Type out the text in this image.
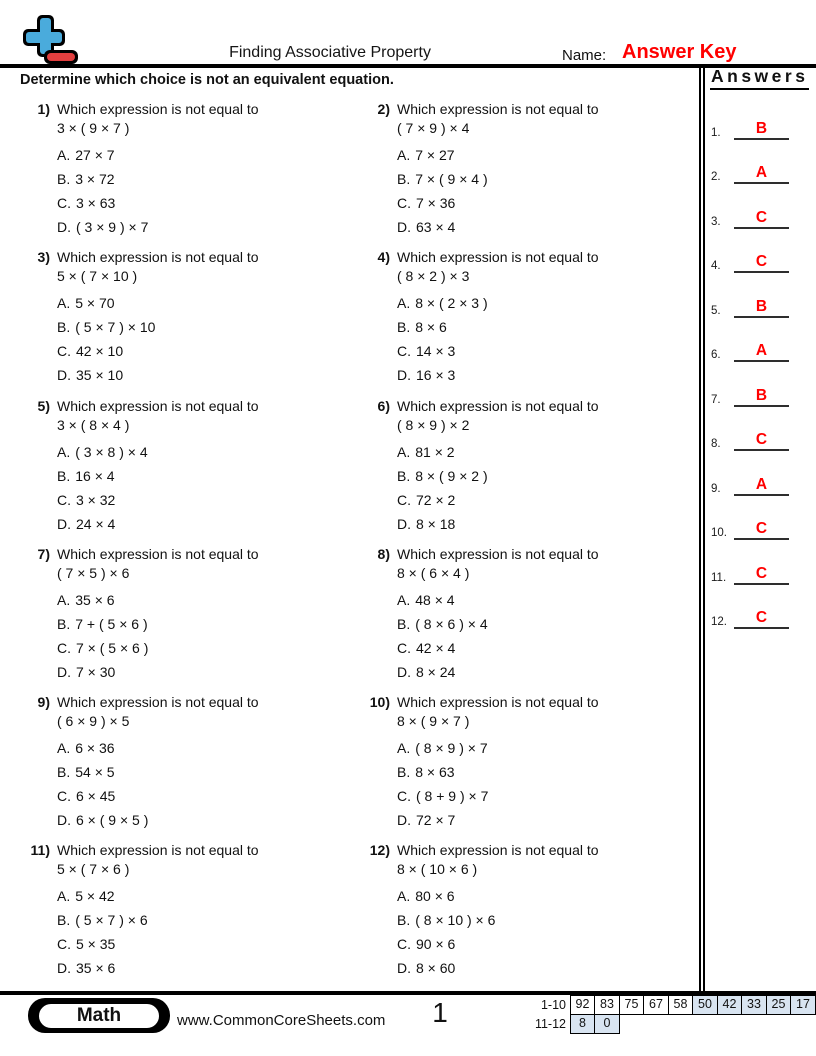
Finding Associative Property	Name: Answer Key
Determine which choice is not an equivalent equation.
1) Which expression is not equal to
3 × ( 9 × 7 )
A. 27 × 7
B. 3 × 72
C. 3 × 63
D. ( 3 × 9 ) × 7
2) Which expression is not equal to
( 7 × 9 ) × 4
A. 7 × 27
B. 7 × ( 9 × 4 )
C. 7 × 36
D. 63 × 4
3) Which expression is not equal to
5 × ( 7 × 10 )
A. 5 × 70
B. ( 5 × 7 ) × 10
C. 42 × 10
D. 35 × 10
4) Which expression is not equal to
( 8 × 2 ) × 3
A. 8 × ( 2 × 3 )
B. 8 × 6
C. 14 × 3
D. 16 × 3
5) Which expression is not equal to
3 × ( 8 × 4 )
A. ( 3 × 8 ) × 4
B. 16 × 4
C. 3 × 32
D. 24 × 4
6) Which expression is not equal to
( 8 × 9 ) × 2
A. 81 × 2
B. 8 × ( 9 × 2 )
C. 72 × 2
D. 8 × 18
7) Which expression is not equal to
( 7 × 5 ) × 6
A. 35 × 6
B. 7 + ( 5 × 6 )
C. 7 × ( 5 × 6 )
D. 7 × 30
8) Which expression is not equal to
8 × ( 6 × 4 )
A. 48 × 4
B. ( 8 × 6 ) × 4
C. 42 × 4
D. 8 × 24
9) Which expression is not equal to
( 6 × 9 ) × 5
A. 6 × 36
B. 54 × 5
C. 6 × 45
D. 6 × ( 9 × 5 )
10) Which expression is not equal to
8 × ( 9 × 7 )
A. ( 8 × 9 ) × 7
B. 8 × 63
C. ( 8 + 9 ) × 7
D. 72 × 7
11) Which expression is not equal to
5 × ( 7 × 6 )
A. 5 × 42
B. ( 5 × 7 ) × 6
C. 5 × 35
D. 35 × 6
12) Which expression is not equal to
8 × ( 10 × 6 )
A. 80 × 6
B. ( 8 × 10 ) × 6
C. 90 × 6
D. 8 × 60
Answers
1.	B
2.	A
3.	C
4.	C
5.	B
6.	A
7.	B
8.	C
9.	A
10.	C
11.	C
12.	C
Math	www.CommonCoreSheets.com	1	1-10 92 83 75 67 58 50 42 33 25 17
11-12	8	0
